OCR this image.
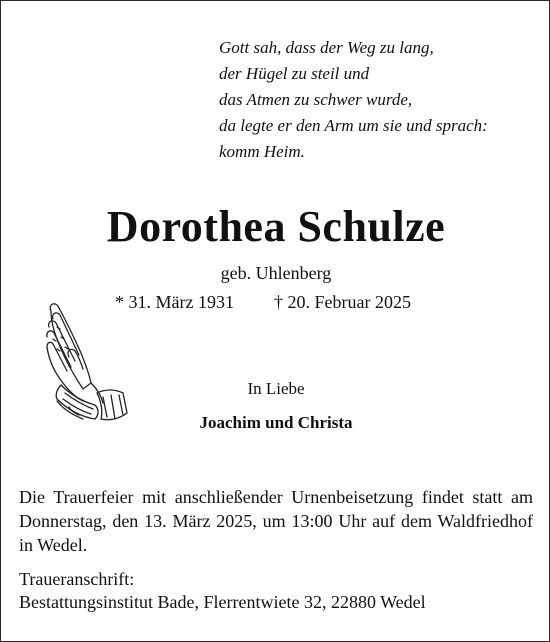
Gott sah, dass der Weg zu lang,
der Hügel zu steil und
das Atmen zu schwer wurde,
da legte er den Arm um sie und sprach:
komm Heim.
Dorothea Schulze
geb. Uhlenberg
* 31. März 1931 † 20. Februar 2025
In Liebe
Joachim und Christa
Die Trauerfeier mit anschließender Urnenbeisetzung findet statt am Donnerstag, den 13. März 2025, um 13:00 Uhr auf dem Waldfriedhof in Wedel.
Traueranschrift:
Bestattungsinstitut Bade, Flerrentwiete 32, 22880 Wedel
